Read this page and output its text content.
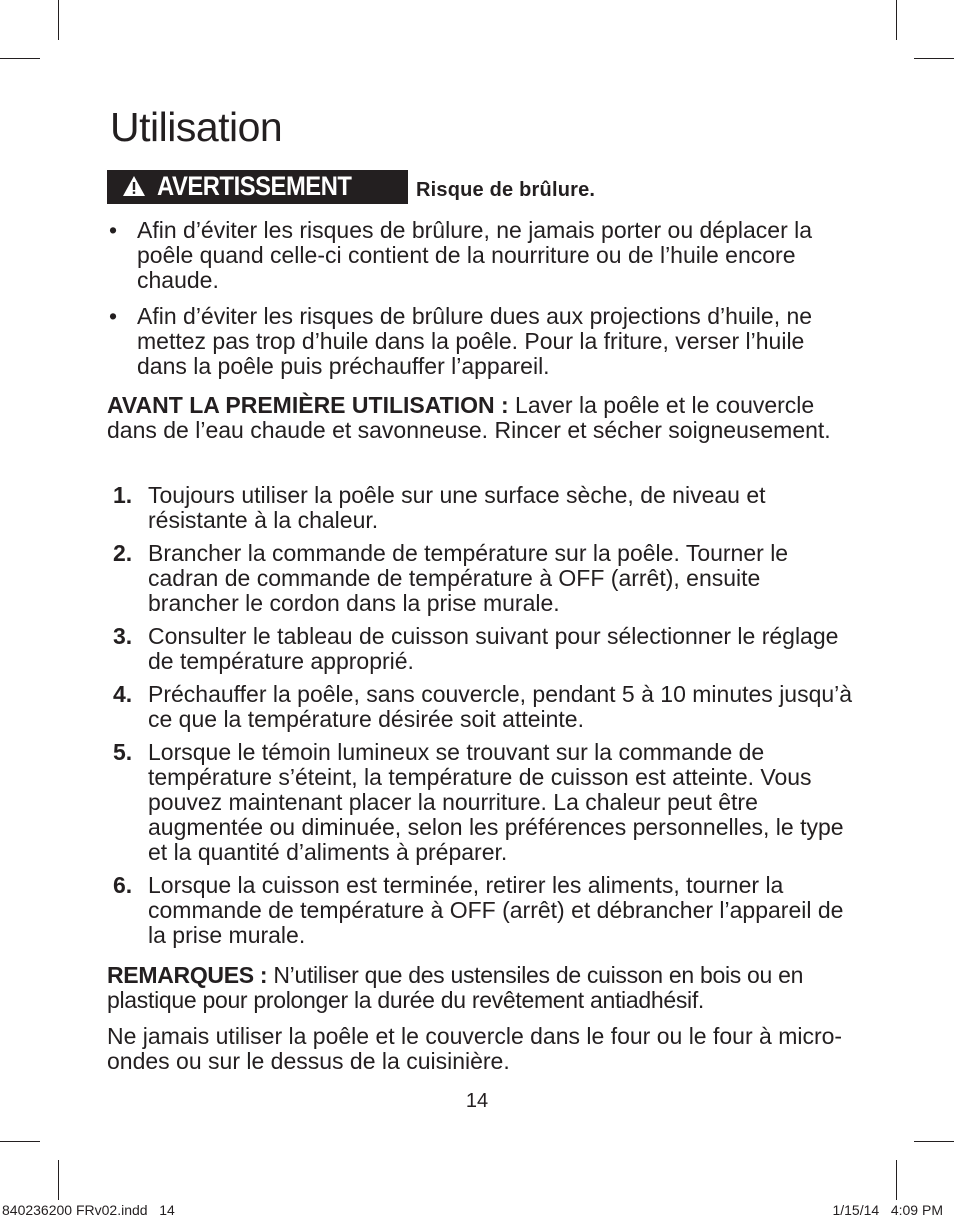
Utilisation
AVERTISSEMENT	Risque de brûlure.
• Afin d’éviter les risques de brûlure, ne jamais porter ou déplacer la poêle quand celle-ci contient de la nourriture ou de l’huile encore chaude.
• Afin d’éviter les risques de brûlure dues aux projections d’huile, ne mettez pas trop d’huile dans la poêle. Pour la friture, verser l’huile dans la poêle puis préchauffer l’appareil.

AVANT LA PREMIÈRE UTILISATION : Laver la poêle et le couvercle dans de l’eau chaude et savonneuse. Rincer et sécher soigneusement.

1. Toujours utiliser la poêle sur une surface sèche, de niveau et résistante à la chaleur.
2. Brancher la commande de température sur la poêle. Tourner le cadran de commande de température à OFF (arrêt), ensuite brancher le cordon dans la prise murale.
3. Consulter le tableau de cuisson suivant pour sélectionner le réglage de température approprié.
4. Préchauffer la poêle, sans couvercle, pendant 5 à 10 minutes jusqu’à ce que la température désirée soit atteinte.
5. Lorsque le témoin lumineux se trouvant sur la commande de température s’éteint, la température de cuisson est atteinte. Vous pouvez maintenant placer la nourriture. La chaleur peut être augmentée ou diminuée, selon les préférences personnelles, le type et la quantité d’aliments à préparer.
6. Lorsque la cuisson est terminée, retirer les aliments, tourner la commande de température à OFF (arrêt) et débrancher l’appareil de la prise murale.

REMARQUES : N’utiliser que des ustensiles de cuisson en bois ou en plastique pour prolonger la durée du revêtement antiadhésif.

Ne jamais utiliser la poêle et le couvercle dans le four ou le four à micro-ondes ou sur le dessus de la cuisinière.

14
840236200 FRv02.indd   14	1/15/14   4:09 PM
